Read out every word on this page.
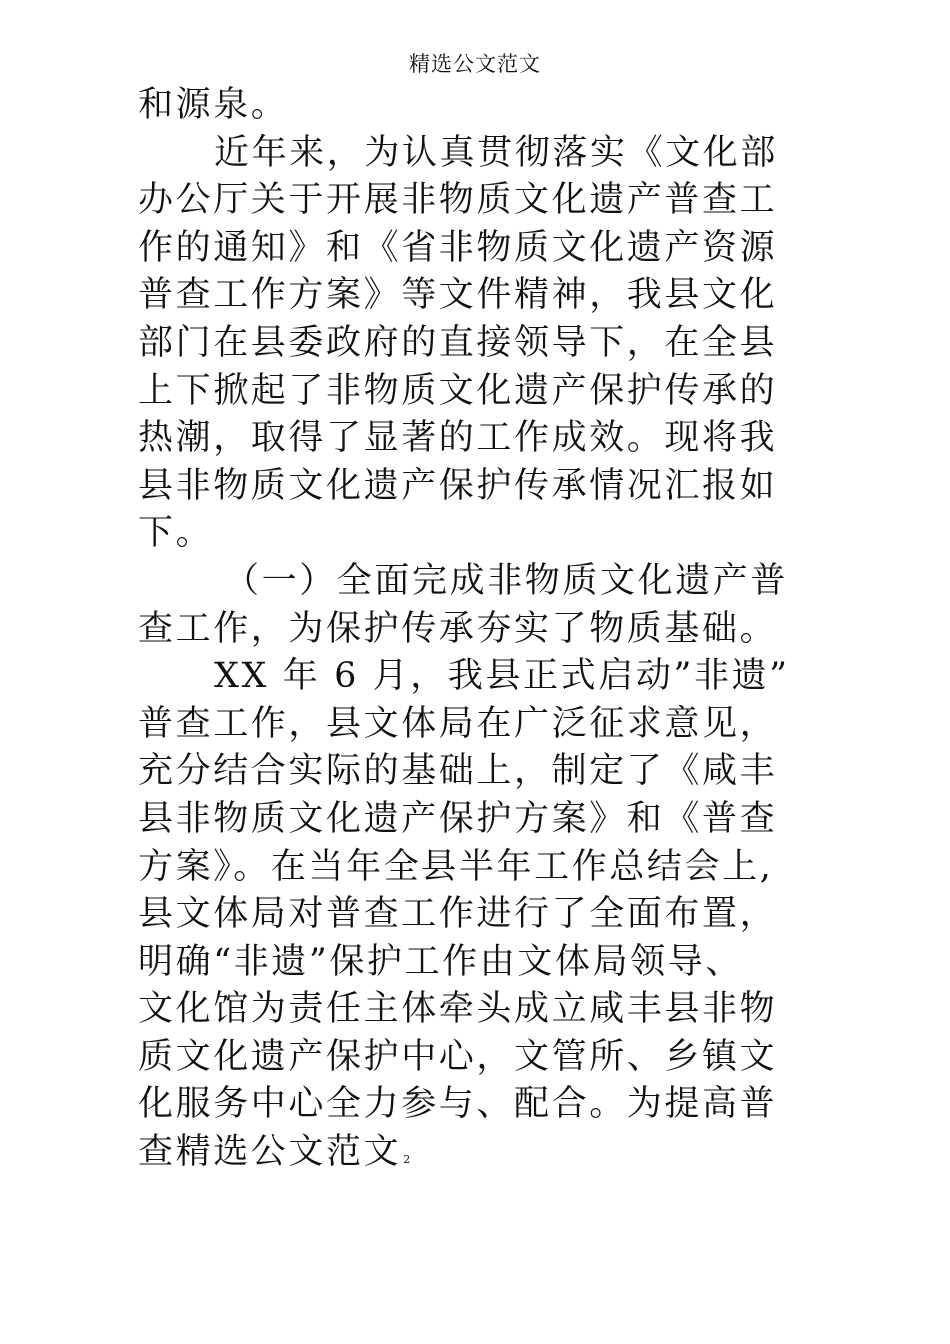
精选公文范文
和源泉。
近年来，为认真贯彻落实《文化部
办公厅关于开展非物质文化遗产普查工
作的通知》和《省非物质文化遗产资源
普查工作方案》等文件精神，我县文化
部门在县委政府的直接领导下，在全县
上下掀起了非物质文化遗产保护传承的
热潮，取得了显著的工作成效。现将我
县非物质文化遗产保护传承情况汇报如
下。
（一）全面完成非物质文化遗产普
查工作，为保护传承夯实了物质基础。
XX 年 6 月，我县正式启动”非遗”
普查工作，县文体局在广泛征求意见，
充分结合实际的基础上，制定了《咸丰
县非物质文化遗产保护方案》和《普查
方案》。在当年全县半年工作总结会上,
县文体局对普查工作进行了全面布置，
明确“非遗”保护工作由文体局领导、
文化馆为责任主体牵头成立咸丰县非物
质文化遗产保护中心，文管所、乡镇文
化服务中心全力参与、配合。为提高普
查精选公文范文 2
